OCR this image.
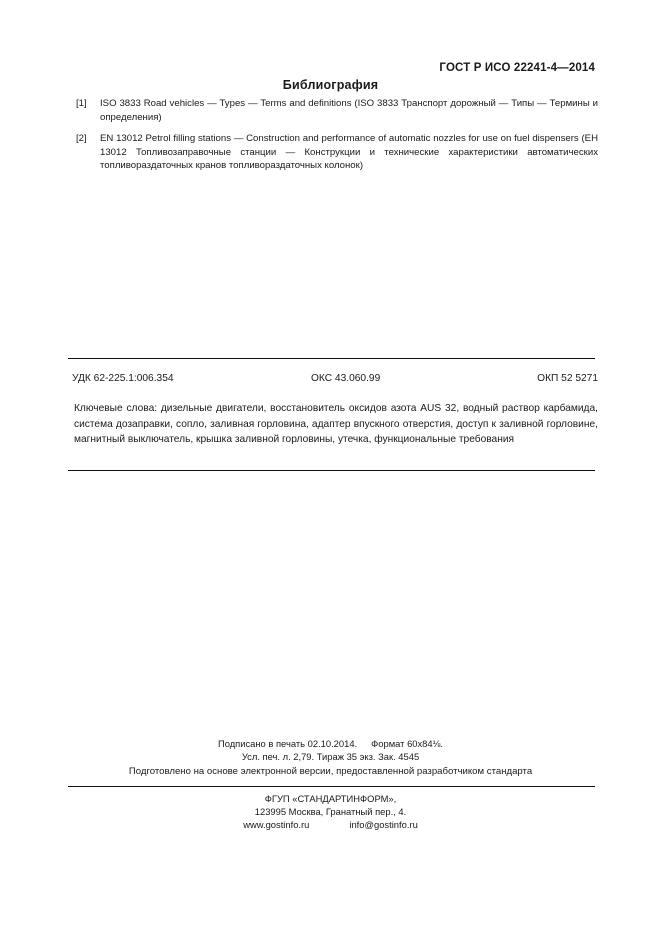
ГОСТ Р ИСО 22241-4—2014
Библиография
[1]	ISO 3833 Road vehicles — Types — Terms and definitions (ISO 3833 Транспорт дорожный — Типы — Термины и определения)
[2]	EN 13012 Petrol filling stations — Construction and performance of automatic nozzles for use on fuel dispensers (ЕН 13012 Топливозаправочные станции — Конструкции и технические характеристики автоматических топливораздаточных кранов топливораздаточных колонок)
УДК 62-225.1:006.354	ОКС 43.060.99	ОКП 52 5271
Ключевые слова: дизельные двигатели, восстановитель оксидов азота AUS 32, водный раствор карбамида, система дозаправки, сопло, заливная горловина, адаптер впускного отверстия, доступ к заливной горловине, магнитный выключатель, крышка заливной горловины, утечка, функциональные требования
Подписано в печать 02.10.2014. Формат 60х84⅛.
Усл. печ. л. 2,79. Тираж 35 экз. Зак. 4545
Подготовлено на основе электронной версии, предоставленной разработчиком стандарта
ФГУП «СТАНДАРТИНФОРМ»,
123995 Москва, Гранатный пер., 4.
www.gostinfo.ru	info@gostinfo.ru
